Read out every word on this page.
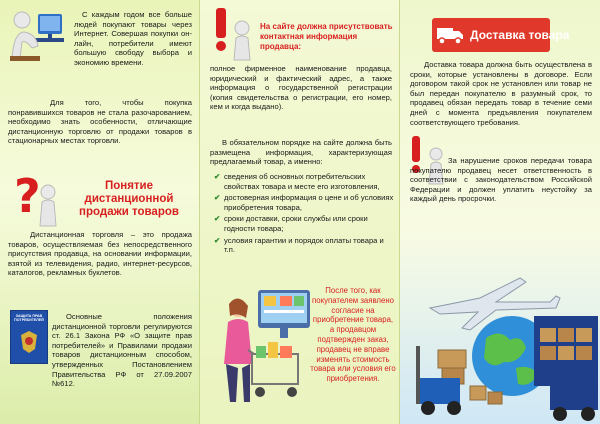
С каждым годом все больше людей покупают товары через Интернет. Совершая покупки он-лайн, потребители имеют большую свободу выбора и экономию времени.

Для того, чтобы покупка понравившихся товаров не стала разочарованием, необходимо знать особенности, отличающие дистанционную торговлю от продажи товаров в стационарных местах торговли.

?	Понятие дистанционной продажи товаров

Дистанционная торговля – это продажа товаров, осуществляемая без непосредственного присутствия продавца, на основании информации, взятой из телевидения, радио, интернет-ресурсов, каталогов, рекламных буклетов.

ЗАЩИТА ПРАВ ПОТРЕБИТЕЛЕЙ	Основные положения дистанционной торговли регулируются ст. 26.1 Закона РФ «О защите прав потребителей» и Правилами продажи товаров дистанционным способом, утвержденных Постановлением Правительства РФ от 27.09.2007 №612.

На сайте должна присутствовать контактная информация продавца:

полное фирменное наименование продавца, юридический и фактический адрес, а также информация о государственной регистрации (копия свидетельства о регистрации, его номер, кем и когда выдано).

В обязательном порядке на сайте должна быть размещена информация, характеризующая предлагаемый товар, а именно:

✔ сведения об основных потребительских свойствах товара и месте его изготовления,
✔ достоверная информация о цене и об условиях приобретения товара,
✔ сроки доставки, сроки службы или сроки годности товара;
✔ условия гарантии и порядок оплаты товара и т.п.

После того, как покупателем заявлено согласие на приобретение товара, а продавцом подтвержден заказ, продавец не вправе изменять стоимость товара или условия его приобретения.

Доставка товара

Доставка товара должна быть осуществлена в сроки, которые установлены в договоре. Если договором такой срок не установлен или товар не был передан покупателю в разумный срок, то продавец обязан передать товар в течение семи дней с момента предъявления покупателем соответствующего требования.

За нарушение сроков передачи товара покупателю продавец несет ответственность в соответствии с законодательством Российской Федерации и должен уплатить неустойку за каждый день просрочки.
